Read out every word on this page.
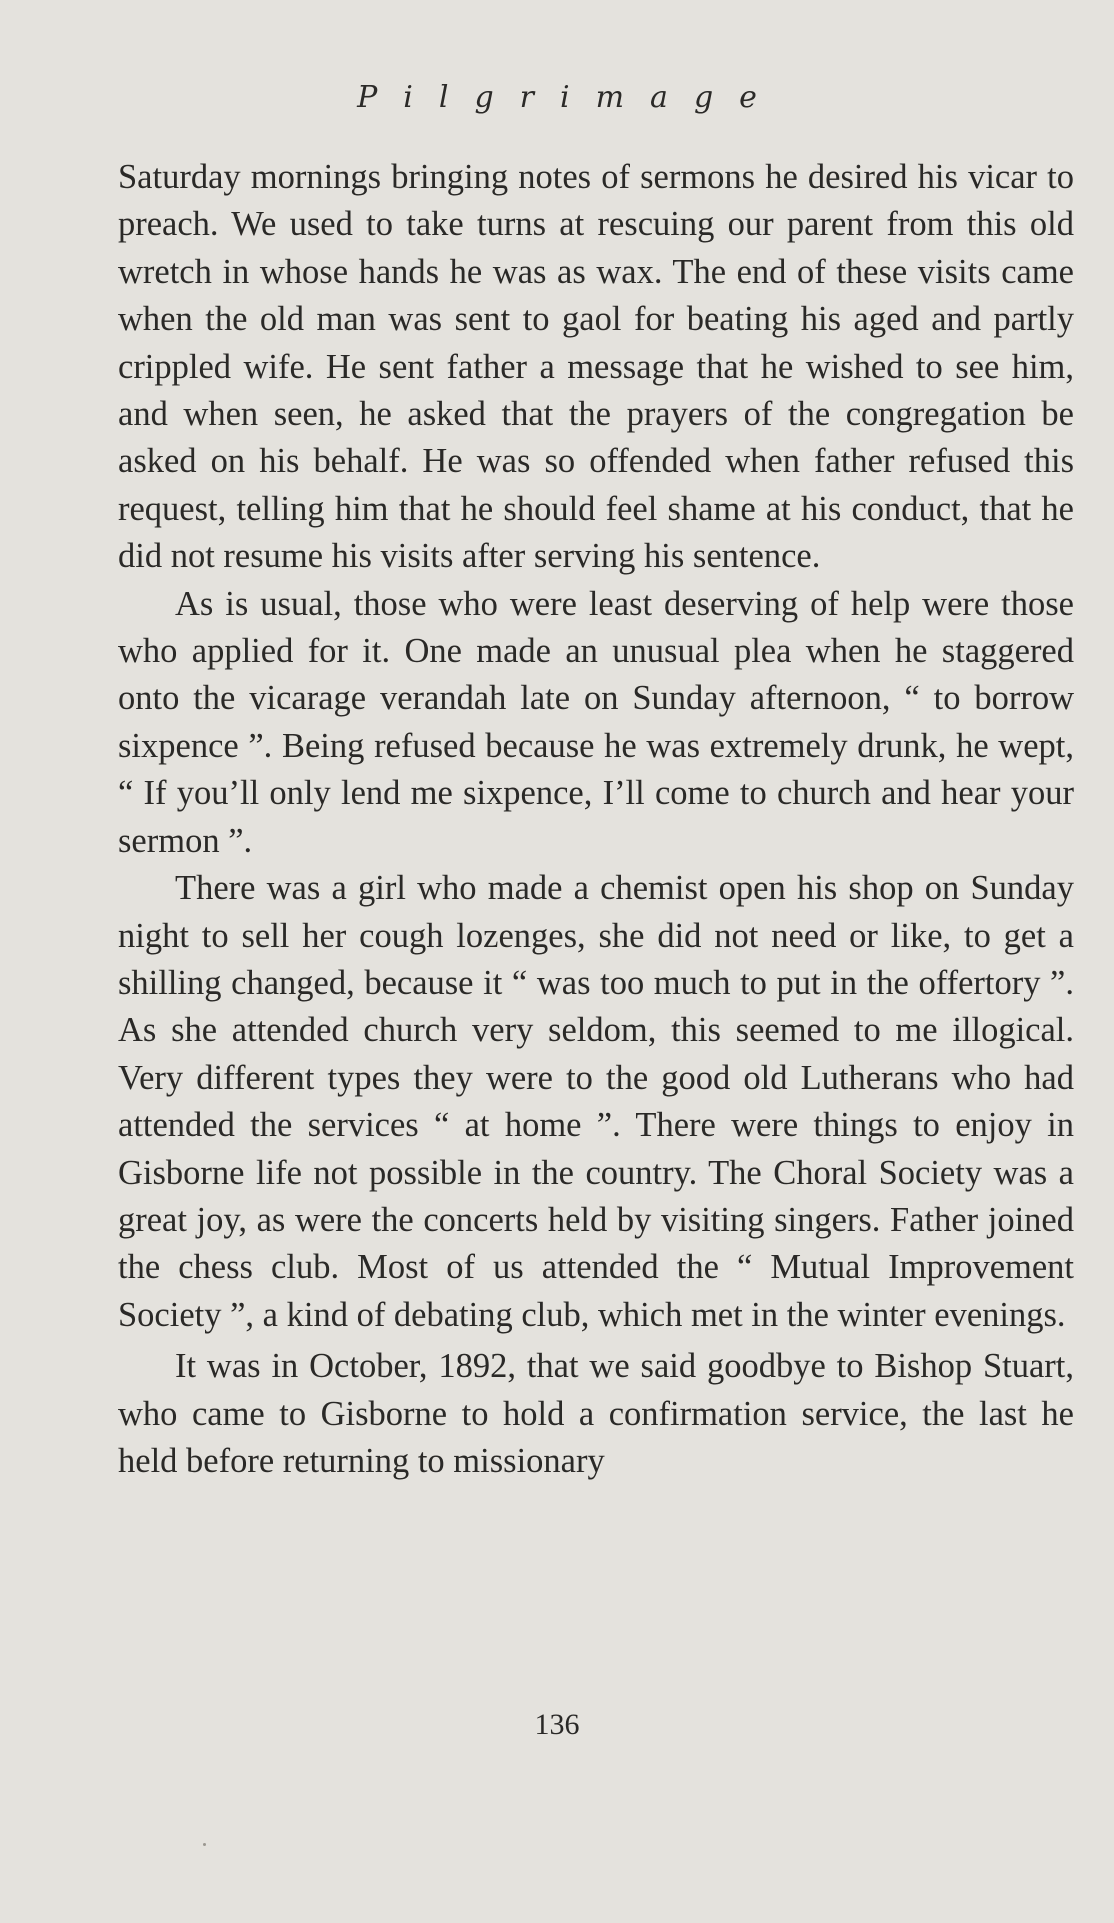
Pilgrimage

Saturday mornings bringing notes of sermons he desired his vicar to preach. We used to take turns at rescuing our parent from this old wretch in whose hands he was as wax. The end of these visits came when the old man was sent to gaol for beating his aged and partly crippled wife. He sent father a message that he wished to see him, and when seen, he asked that the prayers of the congregation be asked on his behalf. He was so offended when father refused this request, telling him that he should feel shame at his conduct, that he did not resume his visits after serving his sentence.

As is usual, those who were least deserving of help were those who applied for it. One made an unusual plea when he staggered onto the vicarage verandah late on Sunday afternoon, “ to borrow sixpence ”. Being refused because he was extremely drunk, he wept, “ If you’ll only lend me sixpence, I’ll come to church and hear your sermon ”.

There was a girl who made a chemist open his shop on Sunday night to sell her cough lozenges, she did not need or like, to get a shilling changed, because it “ was too much to put in the offertory ”. As she attended church very seldom, this seemed to me illogical. Very different types they were to the good old Lutherans who had attended the services “ at home ”. There were things to enjoy in Gisborne life not possible in the country. The Choral Society was a great joy, as were the concerts held by visiting singers. Father joined the chess club. Most of us attended the “ Mutual Improvement Society ”, a kind of debating club, which met in the winter evenings.

It was in October, 1892, that we said goodbye to Bishop Stuart, who came to Gisborne to hold a confirmation service, the last he held before returning to missionary

136
